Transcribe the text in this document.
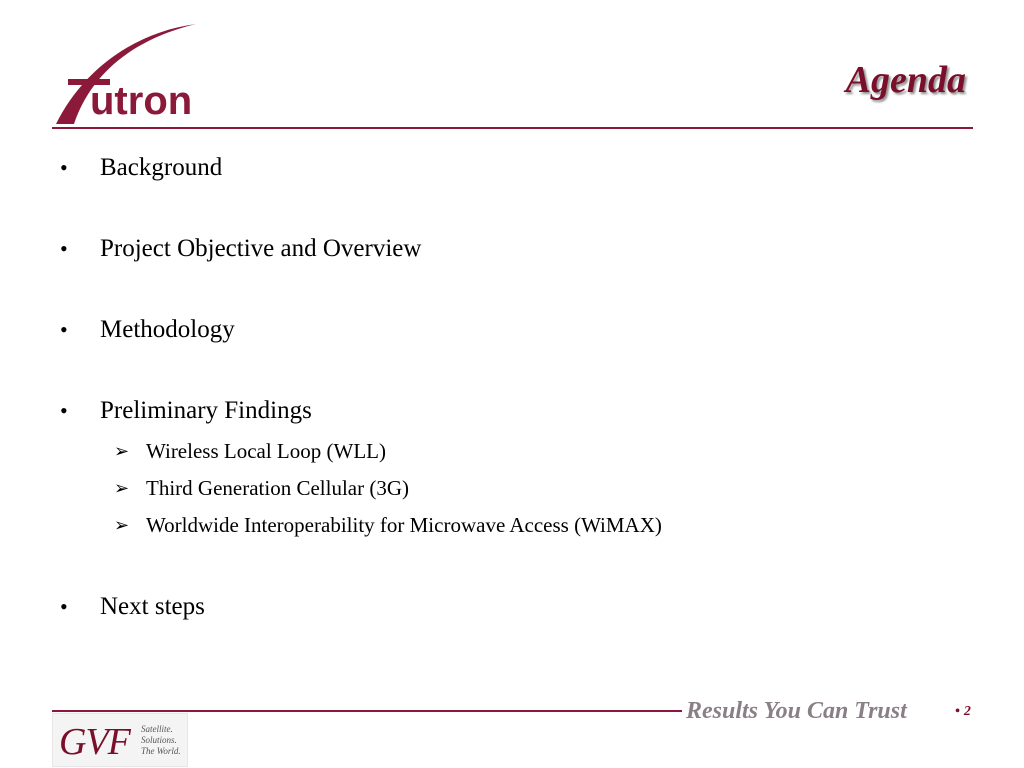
utron	Agenda
• Background
• Project Objective and Overview
• Methodology
• Preliminary Findings
➢ Wireless Local Loop (WLL)
➢ Third Generation Cellular (3G)
➢ Worldwide Interoperability for Microwave Access (WiMAX)
• Next steps
Results You Can Trust	• 2
GVF Satellite.
Solutions.
The World.
